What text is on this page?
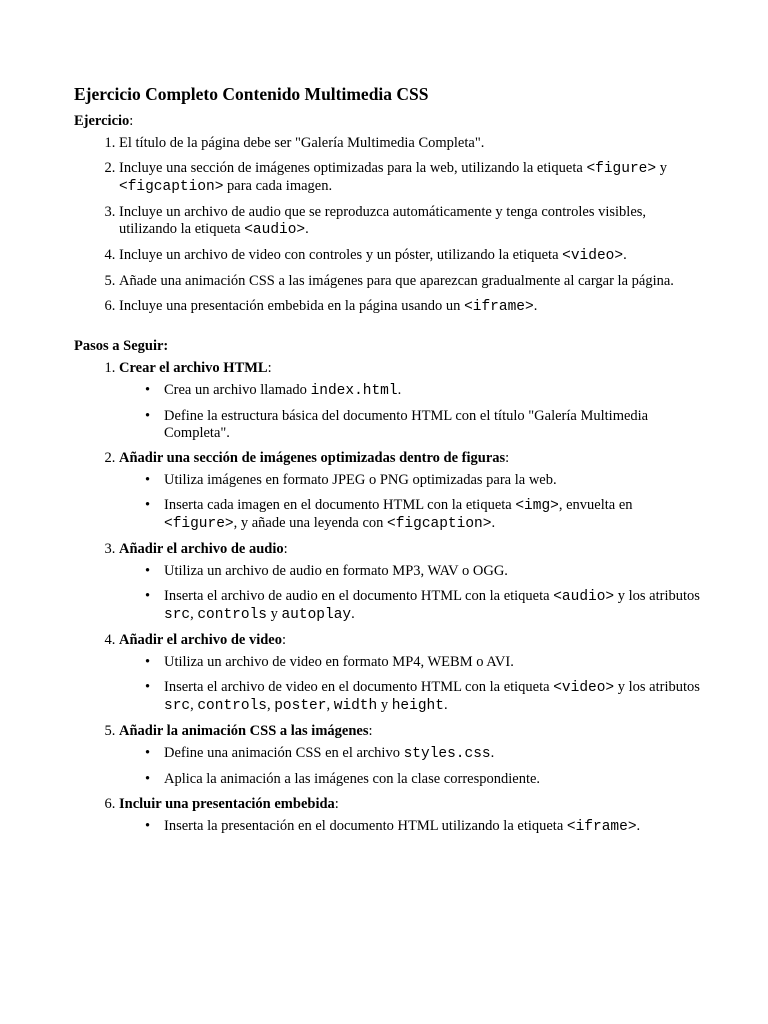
Ejercicio Completo Contenido Multimedia CSS
Ejercicio:
1. El título de la página debe ser "Galería Multimedia Completa".
2. Incluye una sección de imágenes optimizadas para la web, utilizando la etiqueta <figure> y <figcaption> para cada imagen.
3. Incluye un archivo de audio que se reproduzca automáticamente y tenga controles visibles, utilizando la etiqueta <audio>.
4. Incluye un archivo de video con controles y un póster, utilizando la etiqueta <video>.
5. Añade una animación CSS a las imágenes para que aparezcan gradualmente al cargar la página.
6. Incluye una presentación embebida en la página usando un <iframe>.
Pasos a Seguir:
1. Crear el archivo HTML:
• Crea un archivo llamado index.html.
• Define la estructura básica del documento HTML con el título "Galería Multimedia Completa".
2. Añadir una sección de imágenes optimizadas dentro de figuras:
• Utiliza imágenes en formato JPEG o PNG optimizadas para la web.
• Inserta cada imagen en el documento HTML con la etiqueta <img>, envuelta en <figure>, y añade una leyenda con <figcaption>.
3. Añadir el archivo de audio:
• Utiliza un archivo de audio en formato MP3, WAV o OGG.
• Inserta el archivo de audio en el documento HTML con la etiqueta <audio> y los atributos src, controls y autoplay.
4. Añadir el archivo de video:
• Utiliza un archivo de video en formato MP4, WEBM o AVI.
• Inserta el archivo de video en el documento HTML con la etiqueta <video> y los atributos src, controls, poster, width y height.
5. Añadir la animación CSS a las imágenes:
• Define una animación CSS en el archivo styles.css.
• Aplica la animación a las imágenes con la clase correspondiente.
6. Incluir una presentación embebida:
• Inserta la presentación en el documento HTML utilizando la etiqueta <iframe>.
